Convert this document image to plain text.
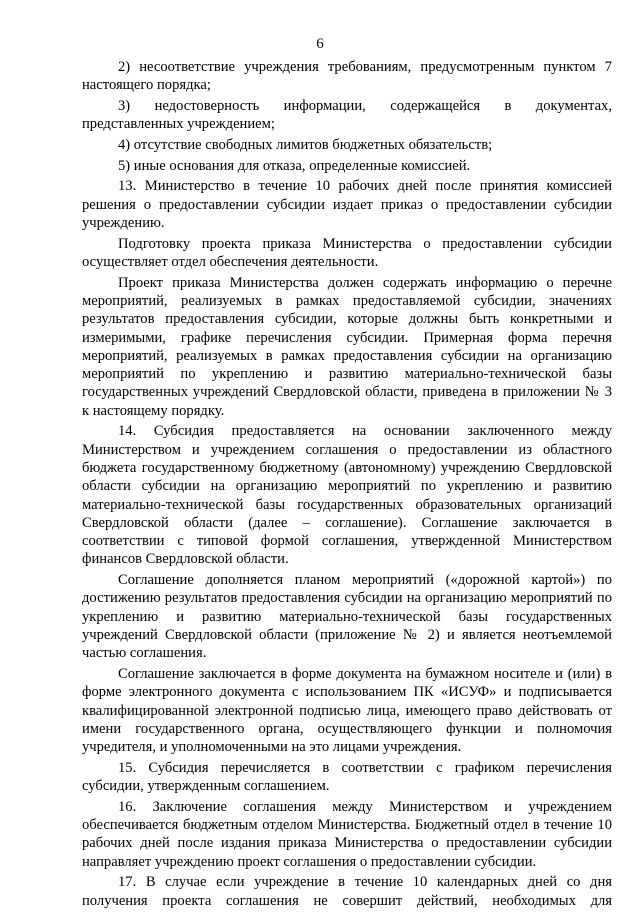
6

2) несоответствие учреждения требованиям, предусмотренным пунктом 7 настоящего порядка;

3) недостоверность информации, содержащейся в документах, представленных учреждением;

4) отсутствие свободных лимитов бюджетных обязательств;

5) иные основания для отказа, определенные комиссией.

13. Министерство в течение 10 рабочих дней после принятия комиссией решения о предоставлении субсидии издает приказ о предоставлении субсидии учреждению.

Подготовку проекта приказа Министерства о предоставлении субсидии осуществляет отдел обеспечения деятельности.

Проект приказа Министерства должен содержать информацию о перечне мероприятий, реализуемых в рамках предоставляемой субсидии, значениях результатов предоставления субсидии, которые должны быть конкретными и измеримыми, графике перечисления субсидии. Примерная форма перечня мероприятий, реализуемых в рамках предоставления субсидии на организацию мероприятий по укреплению и развитию материально-технической базы государственных учреждений Свердловской области, приведена в приложении № 3 к настоящему порядку.

14. Субсидия предоставляется на основании заключенного между Министерством и учреждением соглашения о предоставлении из областного бюджета государственному бюджетному (автономному) учреждению Свердловской области субсидии на организацию мероприятий по укреплению и развитию материально-технической базы государственных образовательных организаций Свердловской области (далее – соглашение). Соглашение заключается в соответствии с типовой формой соглашения, утвержденной Министерством финансов Свердловской области.

Соглашение дополняется планом мероприятий («дорожной картой») по достижению результатов предоставления субсидии на организацию мероприятий по укреплению и развитию материально-технической базы государственных учреждений Свердловской области (приложение № 2) и является неотъемлемой частью соглашения.

Соглашение заключается в форме документа на бумажном носителе и (или) в форме электронного документа с использованием ПК «ИСУФ» и подписывается квалифицированной электронной подписью лица, имеющего право действовать от имени государственного органа, осуществляющего функции и полномочия учредителя, и уполномоченными на это лицами учреждения.

15. Субсидия перечисляется в соответствии с графиком перечисления субсидии, утвержденным соглашением.

16. Заключение соглашения между Министерством и учреждением обеспечивается бюджетным отделом Министерства. Бюджетный отдел в течение 10 рабочих дней после издания приказа Министерства о предоставлении субсидии направляет учреждению проект соглашения о предоставлении субсидии.

17. В случае если учреждение в течение 10 календарных дней со дня получения проекта соглашения не совершит действий, необходимых для
